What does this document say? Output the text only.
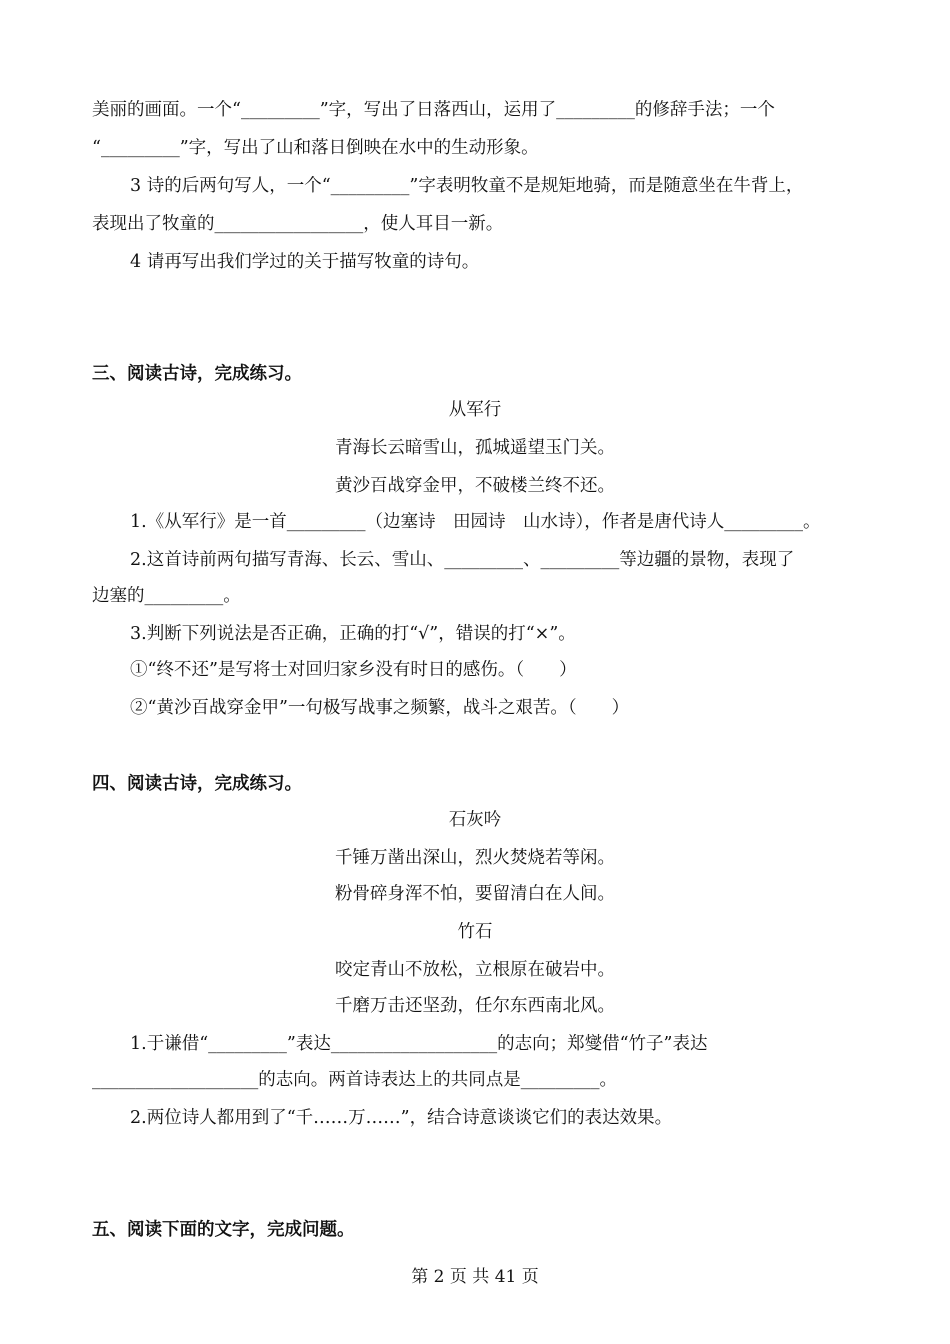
美丽的画面。一个“_________”字，写出了日落西山，运用了_________的修辞手法；一个
“_________”字，写出了山和落日倒映在水中的生动形象。
3 诗的后两句写人，一个“_________”字表明牧童不是规矩地骑，而是随意坐在牛背上，
表现出了牧童的_________________，使人耳目一新。
4 请再写出我们学过的关于描写牧童的诗句。
三、阅读古诗，完成练习。
从军行
青海长云暗雪山，孤城遥望玉门关。
黄沙百战穿金甲，不破楼兰终不还。
1.《从军行》是一首_________（边塞诗　田园诗　山水诗），作者是唐代诗人_________。
2.这首诗前两句描写青海、长云、雪山、_________、_________等边疆的景物，表现了
边塞的_________。
3.判断下列说法是否正确，正确的打“√”，错误的打“×”。
①“终不还”是写将士对回归家乡没有时日的感伤。（　　）
②“黄沙百战穿金甲”一句极写战事之频繁，战斗之艰苦。（　　）
四、阅读古诗，完成练习。
石灰吟
千锤万凿出深山，烈火焚烧若等闲。
粉骨碎身浑不怕，要留清白在人间。
竹石
咬定青山不放松，立根原在破岩中。
千磨万击还坚劲，任尔东西南北风。
1.于谦借“_________”表达___________________的志向；郑燮借“竹子”表达
___________________的志向。两首诗表达上的共同点是_________。
2.两位诗人都用到了“千……万……”，结合诗意谈谈它们的表达效果。
五、阅读下面的文字，完成问题。
第 2 页 共 41 页
